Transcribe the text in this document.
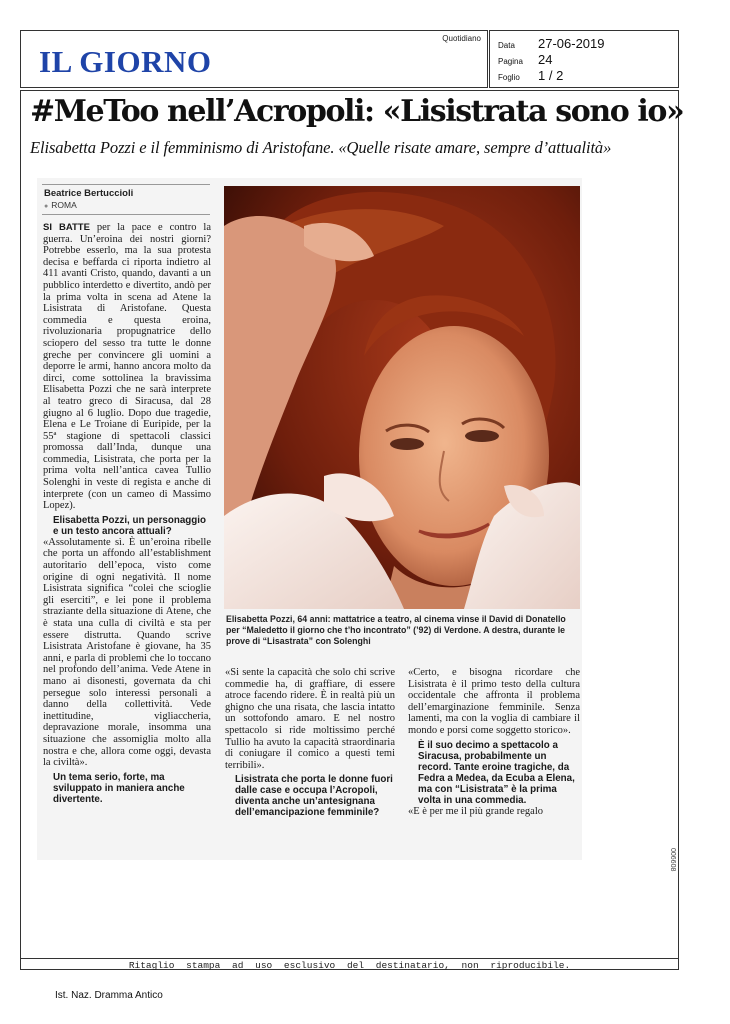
IL GIORNO
Quotidiano
Data 27-06-2019
Pagina 24
Foglio 1 / 2
#MeToo nell’Acropoli: «Lisistrata sono io»
Elisabetta Pozzi e il femminismo di Aristofane. «Quelle risate amare, sempre d’attualità»
Beatrice Bertuccioli
● ROMA

SI BATTE per la pace e contro la guerra. Un’eroina dei nostri giorni? Potrebbe esserlo, ma la sua protesta decisa e beffarda ci riporta indietro al 411 avanti Cristo, quando, davanti a un pubblico interdetto e divertito, andò per la prima volta in scena ad Atene la Lisistrata di Aristofane. Questa commedia e questa eroina, rivoluzionaria propugnatrice dello sciopero del sesso tra tutte le donne greche per convincere gli uomini a deporre le armi, hanno ancora molto da dirci, come sottolinea la bravissima Elisabetta Pozzi che ne sarà interprete al teatro greco di Siracusa, dal 28 giugno al 6 luglio. Dopo due tragedie, Elena e Le Troiane di Euripide, per la 55ª stagione di spettacoli classici promossa dall’Inda, dunque una commedia, Lisistrata, che porta per la prima volta nell’antica cavea Tullio Solenghi in veste di regista e anche di interprete (con un cameo di Massimo Lopez).

Elisabetta Pozzi, un personaggio e un testo ancora attuali?

«Assolutamente sì. È un’eroina ribelle che porta un affondo all’establishment autoritario dell’epoca, visto come origine di ogni negatività. Il nome Lisistrata significa “colei che scioglie gli eserciti”, e lei pone il problema straziante della situazione di Atene, che è stata una culla di civiltà e sta per essere distrutta. Quando scrive Lisistrata Aristofane è giovane, ha 35 anni, e parla di problemi che lo toccano nel profondo dell’anima. Vede Atene in mano ai disonesti, governata da chi persegue solo interessi personali a danno della collettività. Vede inettitudine, vigliaccheria, depravazione morale, insomma una situazione che assomiglia molto alla nostra e che, allora come oggi, devasta la civiltà».

Un tema serio, forte, ma sviluppato in maniera anche divertente.

Elisabetta Pozzi, 64 anni: mattatrice a teatro, al cinema vinse il David di Donatello per “Maledetto il giorno che t’ho incontrato” (’92) di Verdone. A destra, durante le prove di “Lisastrata” con Solenghi

«Si sente la capacità che solo chi scrive commedie ha, di graffiare, di essere atroce facendo ridere. È in realtà più un ghigno che una risata, che lascia intatto un sottofondo amaro. E nel nostro spettacolo si ride moltissimo perché Tullio ha avuto la capacità straordinaria di coniugare il comico a questi temi terribili».

Lisistrata che porta le donne fuori dalle case e occupa l’Acropoli, diventa anche un’antesignana dell’emancipazione femminile?

«Certo, e bisogna ricordare che Lisistrata è il primo testo della cultura occidentale che affronta il problema dell’emarginazione femminile. Senza lamenti, ma con la voglia di cambiare il mondo e porsi come soggetto storico».

È il suo decimo a spettacolo a Siracusa, probabilmente un record. Tante eroine tragiche, da Fedra a Medea, da Ecuba a Elena, ma con “Lisistrata” è la prima volta in una commedia.

«E è per me il più grande regalo

006608
Ritaglio stampa ad uso esclusivo del destinatario, non riproducibile.
Ist. Naz. Dramma Antico
